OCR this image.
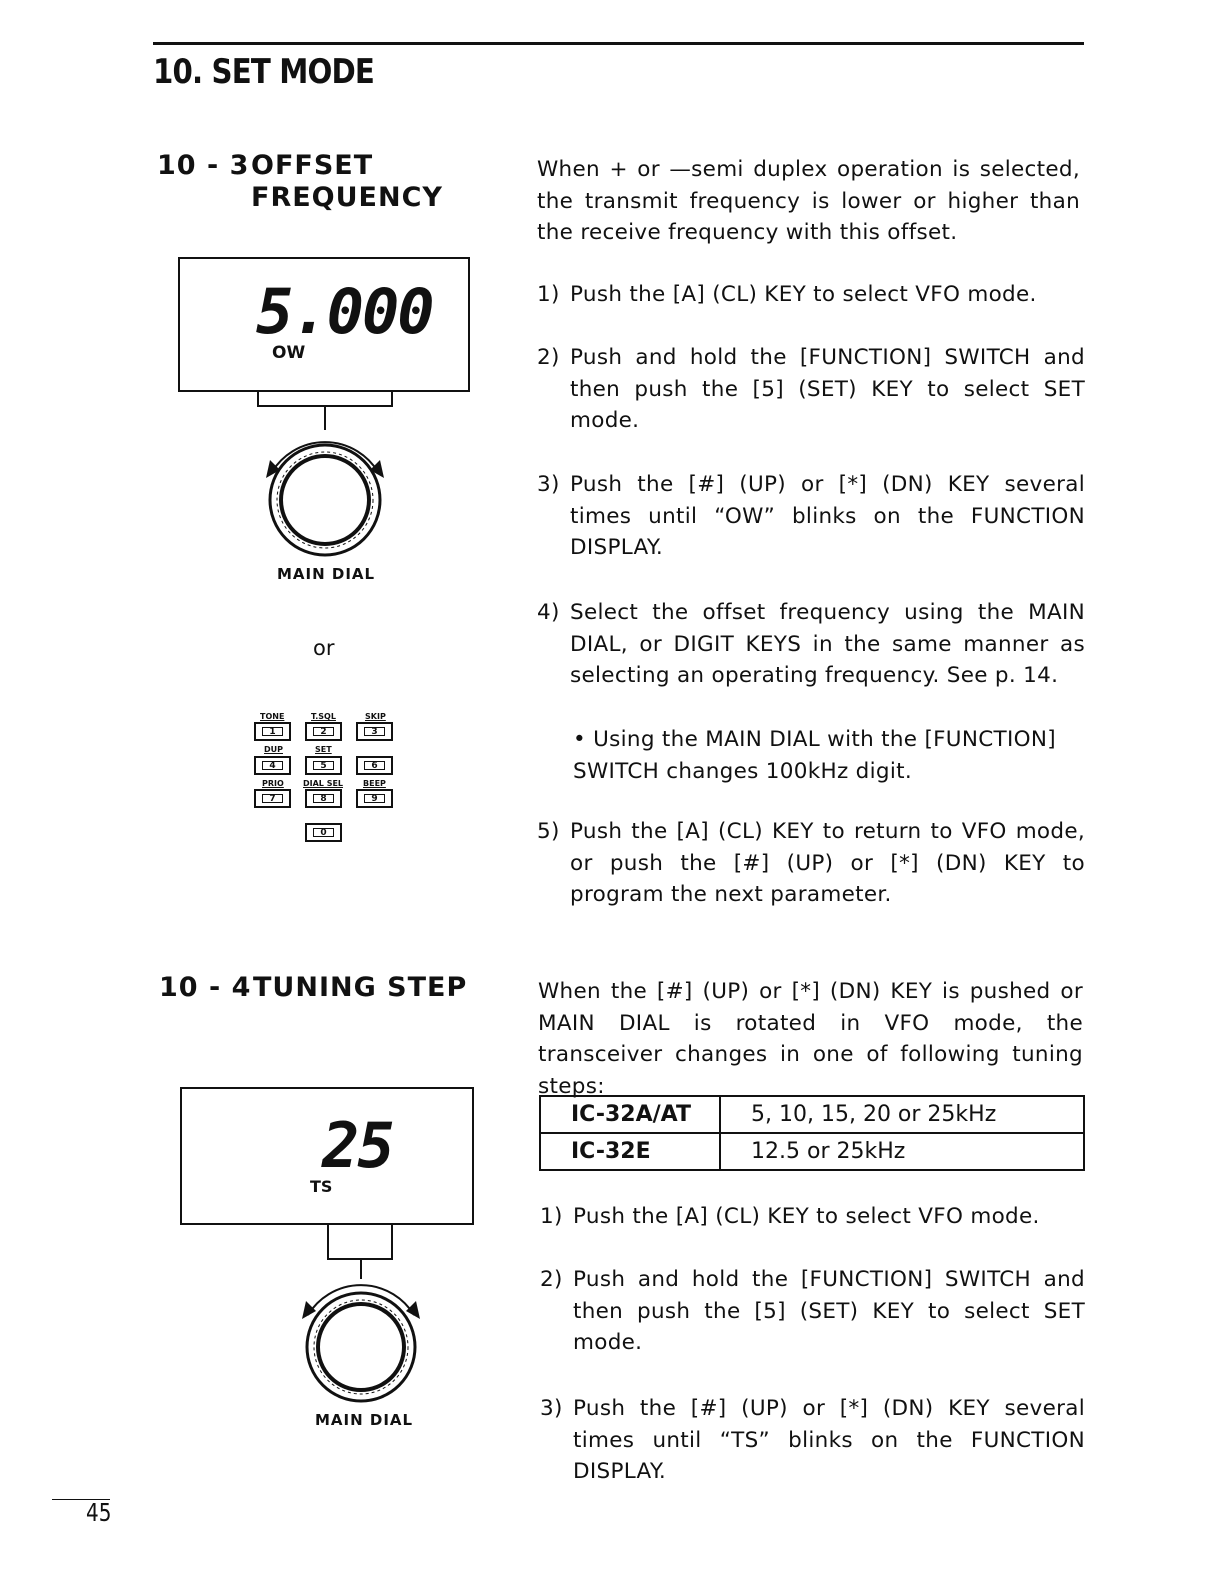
10. SET MODE
10 - 3OFFSET
FREQUENCY
5.000
OW
MAIN DIAL
or
TONE	T.SQL	SKIP
1	2	3
DUP	SET
4	5	6
PRIO DIAL SEL BEEP
7	8	9
0
When + or —semi duplex operation is selected, the transmit frequency is lower or higher than the receive frequency with this offset.
1) Push the [A] (CL) KEY to select VFO mode.
2) Push and hold the [FUNCTION] SWITCH and then push the [5] (SET) KEY to select SET mode.
3) Push the [#] (UP) or [*] (DN) KEY several times until “OW” blinks on the FUNCTION DISPLAY.
4) Select the offset frequency using the MAIN DIAL, or DIGIT KEYS in the same manner as selecting an operating frequency. See p. 14.
• Using the MAIN DIAL with the [FUNCTION] SWITCH changes 100kHz digit.
5) Push the [A] (CL) KEY to return to VFO mode, or push the [#] (UP) or [*] (DN) KEY to program the next parameter.
10 - 4TUNING STEP
25
TS
MAIN DIAL
When the [#] (UP) or [*] (DN) KEY is pushed or MAIN DIAL is rotated in VFO mode, the transceiver changes in one of following tuning steps:
IC-32A/AT	5, 10, 15, 20 or 25kHz
IC-32E	12.5 or 25kHz
1) Push the [A] (CL) KEY to select VFO mode.
2) Push and hold the [FUNCTION] SWITCH and then push the [5] (SET) KEY to select SET mode.
3) Push the [#] (UP) or [*] (DN) KEY several times until “TS” blinks on the FUNCTION DISPLAY.
45
